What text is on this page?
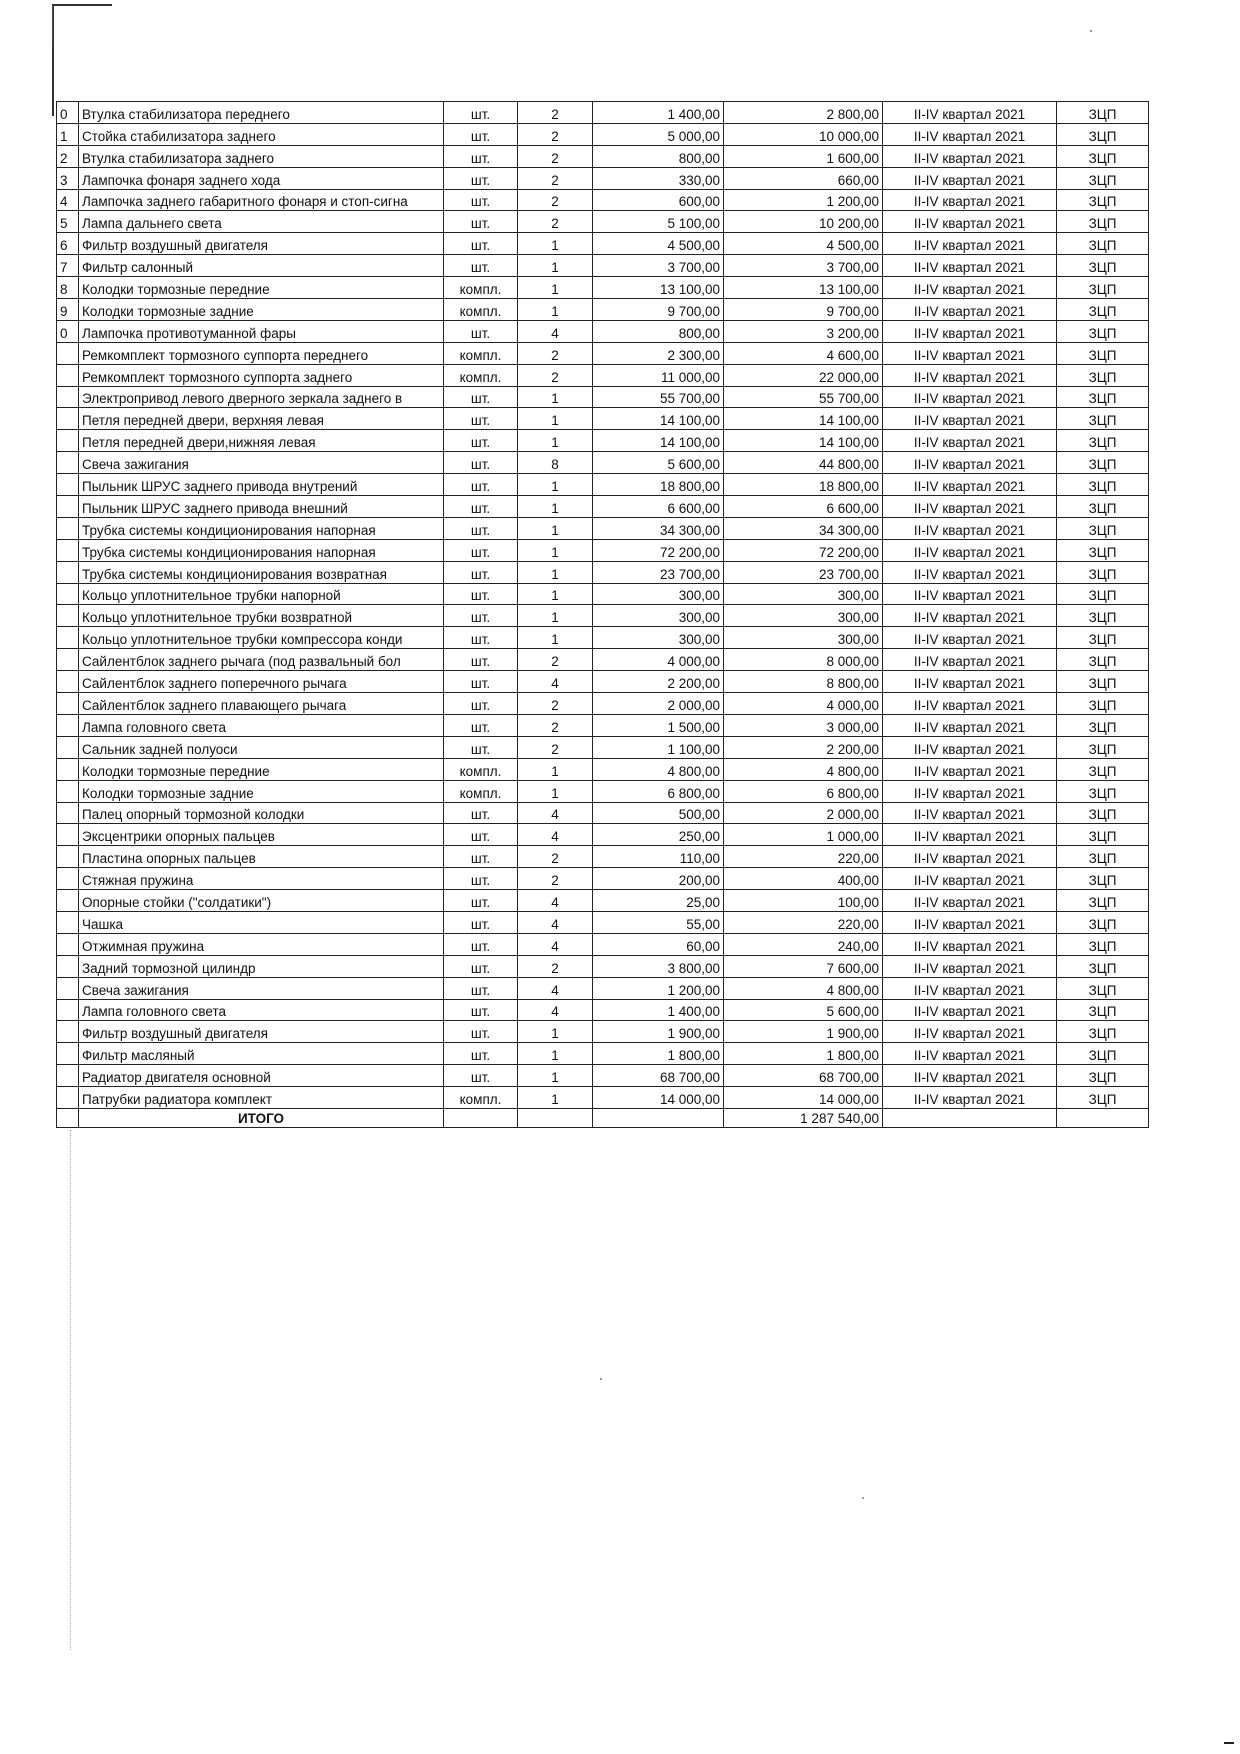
0	Втулка стабилизатора переднего	шт.	2	1 400,00	2 800,00	II-IV квартал 2021	ЗЦП
1	Стойка стабилизатора заднего	шт.	2	5 000,00	10 000,00	II-IV квартал 2021	ЗЦП
2	Втулка стабилизатора заднего	шт.	2	800,00	1 600,00	II-IV квартал 2021	ЗЦП
3	Лампочка фонаря заднего хода	шт.	2	330,00	660,00	II-IV квартал 2021	ЗЦП
4	Лампочка заднего габаритного фонаря и стоп-сигна	шт.	2	600,00	1 200,00	II-IV квартал 2021	ЗЦП
5	Лампа дальнего света	шт.	2	5 100,00	10 200,00	II-IV квартал 2021	ЗЦП
6	Фильтр воздушный двигателя	шт.	1	4 500,00	4 500,00	II-IV квартал 2021	ЗЦП
7	Фильтр салонный	шт.	1	3 700,00	3 700,00	II-IV квартал 2021	ЗЦП
8	Колодки тормозные передние	компл.	1	13 100,00	13 100,00	II-IV квартал 2021	ЗЦП
9	Колодки тормозные задние	компл.	1	9 700,00	9 700,00	II-IV квартал 2021	ЗЦП
0	Лампочка противотуманной фары	шт.	4	800,00	3 200,00	II-IV квартал 2021	ЗЦП
	Ремкомплект тормозного суппорта переднего	компл.	2	2 300,00	4 600,00	II-IV квартал 2021	ЗЦП
	Ремкомплект тормозного суппорта заднего	компл.	2	11 000,00	22 000,00	II-IV квартал 2021	ЗЦП
	Электропривод левого дверного зеркала заднего в	шт.	1	55 700,00	55 700,00	II-IV квартал 2021	ЗЦП
	Петля передней двери, верхняя левая	шт.	1	14 100,00	14 100,00	II-IV квартал 2021	ЗЦП
	Петля передней двери,нижняя левая	шт.	1	14 100,00	14 100,00	II-IV квартал 2021	ЗЦП
	Свеча зажигания	шт.	8	5 600,00	44 800,00	II-IV квартал 2021	ЗЦП
	Пыльник ШРУС заднего привода внутрений	шт.	1	18 800,00	18 800,00	II-IV квартал 2021	ЗЦП
	Пыльник ШРУС заднего привода внешний	шт.	1	6 600,00	6 600,00	II-IV квартал 2021	ЗЦП
	Трубка системы кондиционирования напорная	шт.	1	34 300,00	34 300,00	II-IV квартал 2021	ЗЦП
	Трубка системы кондиционирования напорная	шт.	1	72 200,00	72 200,00	II-IV квартал 2021	ЗЦП
	Трубка системы кондиционирования возвратная	шт.	1	23 700,00	23 700,00	II-IV квартал 2021	ЗЦП
	Кольцо уплотнительное трубки напорной	шт.	1	300,00	300,00	II-IV квартал 2021	ЗЦП
	Кольцо уплотнительное трубки возвратной	шт.	1	300,00	300,00	II-IV квартал 2021	ЗЦП
	Кольцо уплотнительное трубки компрессора конди	шт.	1	300,00	300,00	II-IV квартал 2021	ЗЦП
	Сайлентблок заднего рычага (под развальный бол	шт.	2	4 000,00	8 000,00	II-IV квартал 2021	ЗЦП
	Сайлентблок заднего поперечного рычага	шт.	4	2 200,00	8 800,00	II-IV квартал 2021	ЗЦП
	Сайлентблок заднего плавающего рычага	шт.	2	2 000,00	4 000,00	II-IV квартал 2021	ЗЦП
	Лампа головного света	шт.	2	1 500,00	3 000,00	II-IV квартал 2021	ЗЦП
	Сальник задней полуоси	шт.	2	1 100,00	2 200,00	II-IV квартал 2021	ЗЦП
	Колодки тормозные передние	компл.	1	4 800,00	4 800,00	II-IV квартал 2021	ЗЦП
	Колодки тормозные задние	компл.	1	6 800,00	6 800,00	II-IV квартал 2021	ЗЦП
	Палец опорный тормозной колодки	шт.	4	500,00	2 000,00	II-IV квартал 2021	ЗЦП
	Эксцентрики опорных пальцев	шт.	4	250,00	1 000,00	II-IV квартал 2021	ЗЦП
	Пластина опорных пальцев	шт.	2	110,00	220,00	II-IV квартал 2021	ЗЦП
	Стяжная пружина	шт.	2	200,00	400,00	II-IV квартал 2021	ЗЦП
	Опорные стойки ("солдатики")	шт.	4	25,00	100,00	II-IV квартал 2021	ЗЦП
	Чашка	шт.	4	55,00	220,00	II-IV квартал 2021	ЗЦП
	Отжимная пружина	шт.	4	60,00	240,00	II-IV квартал 2021	ЗЦП
	Задний тормозной цилиндр	шт.	2	3 800,00	7 600,00	II-IV квартал 2021	ЗЦП
	Свеча зажигания	шт.	4	1 200,00	4 800,00	II-IV квартал 2021	ЗЦП
	Лампа головного света	шт.	4	1 400,00	5 600,00	II-IV квартал 2021	ЗЦП
	Фильтр воздушный двигателя	шт.	1	1 900,00	1 900,00	II-IV квартал 2021	ЗЦП
	Фильтр масляный	шт.	1	1 800,00	1 800,00	II-IV квартал 2021	ЗЦП
	Радиатор двигателя основной	шт.	1	68 700,00	68 700,00	II-IV квартал 2021	ЗЦП
	Патрубки радиатора комплект	компл.	1	14 000,00	14 000,00	II-IV квартал 2021	ЗЦП
	ИТОГО				1 287 540,00		
